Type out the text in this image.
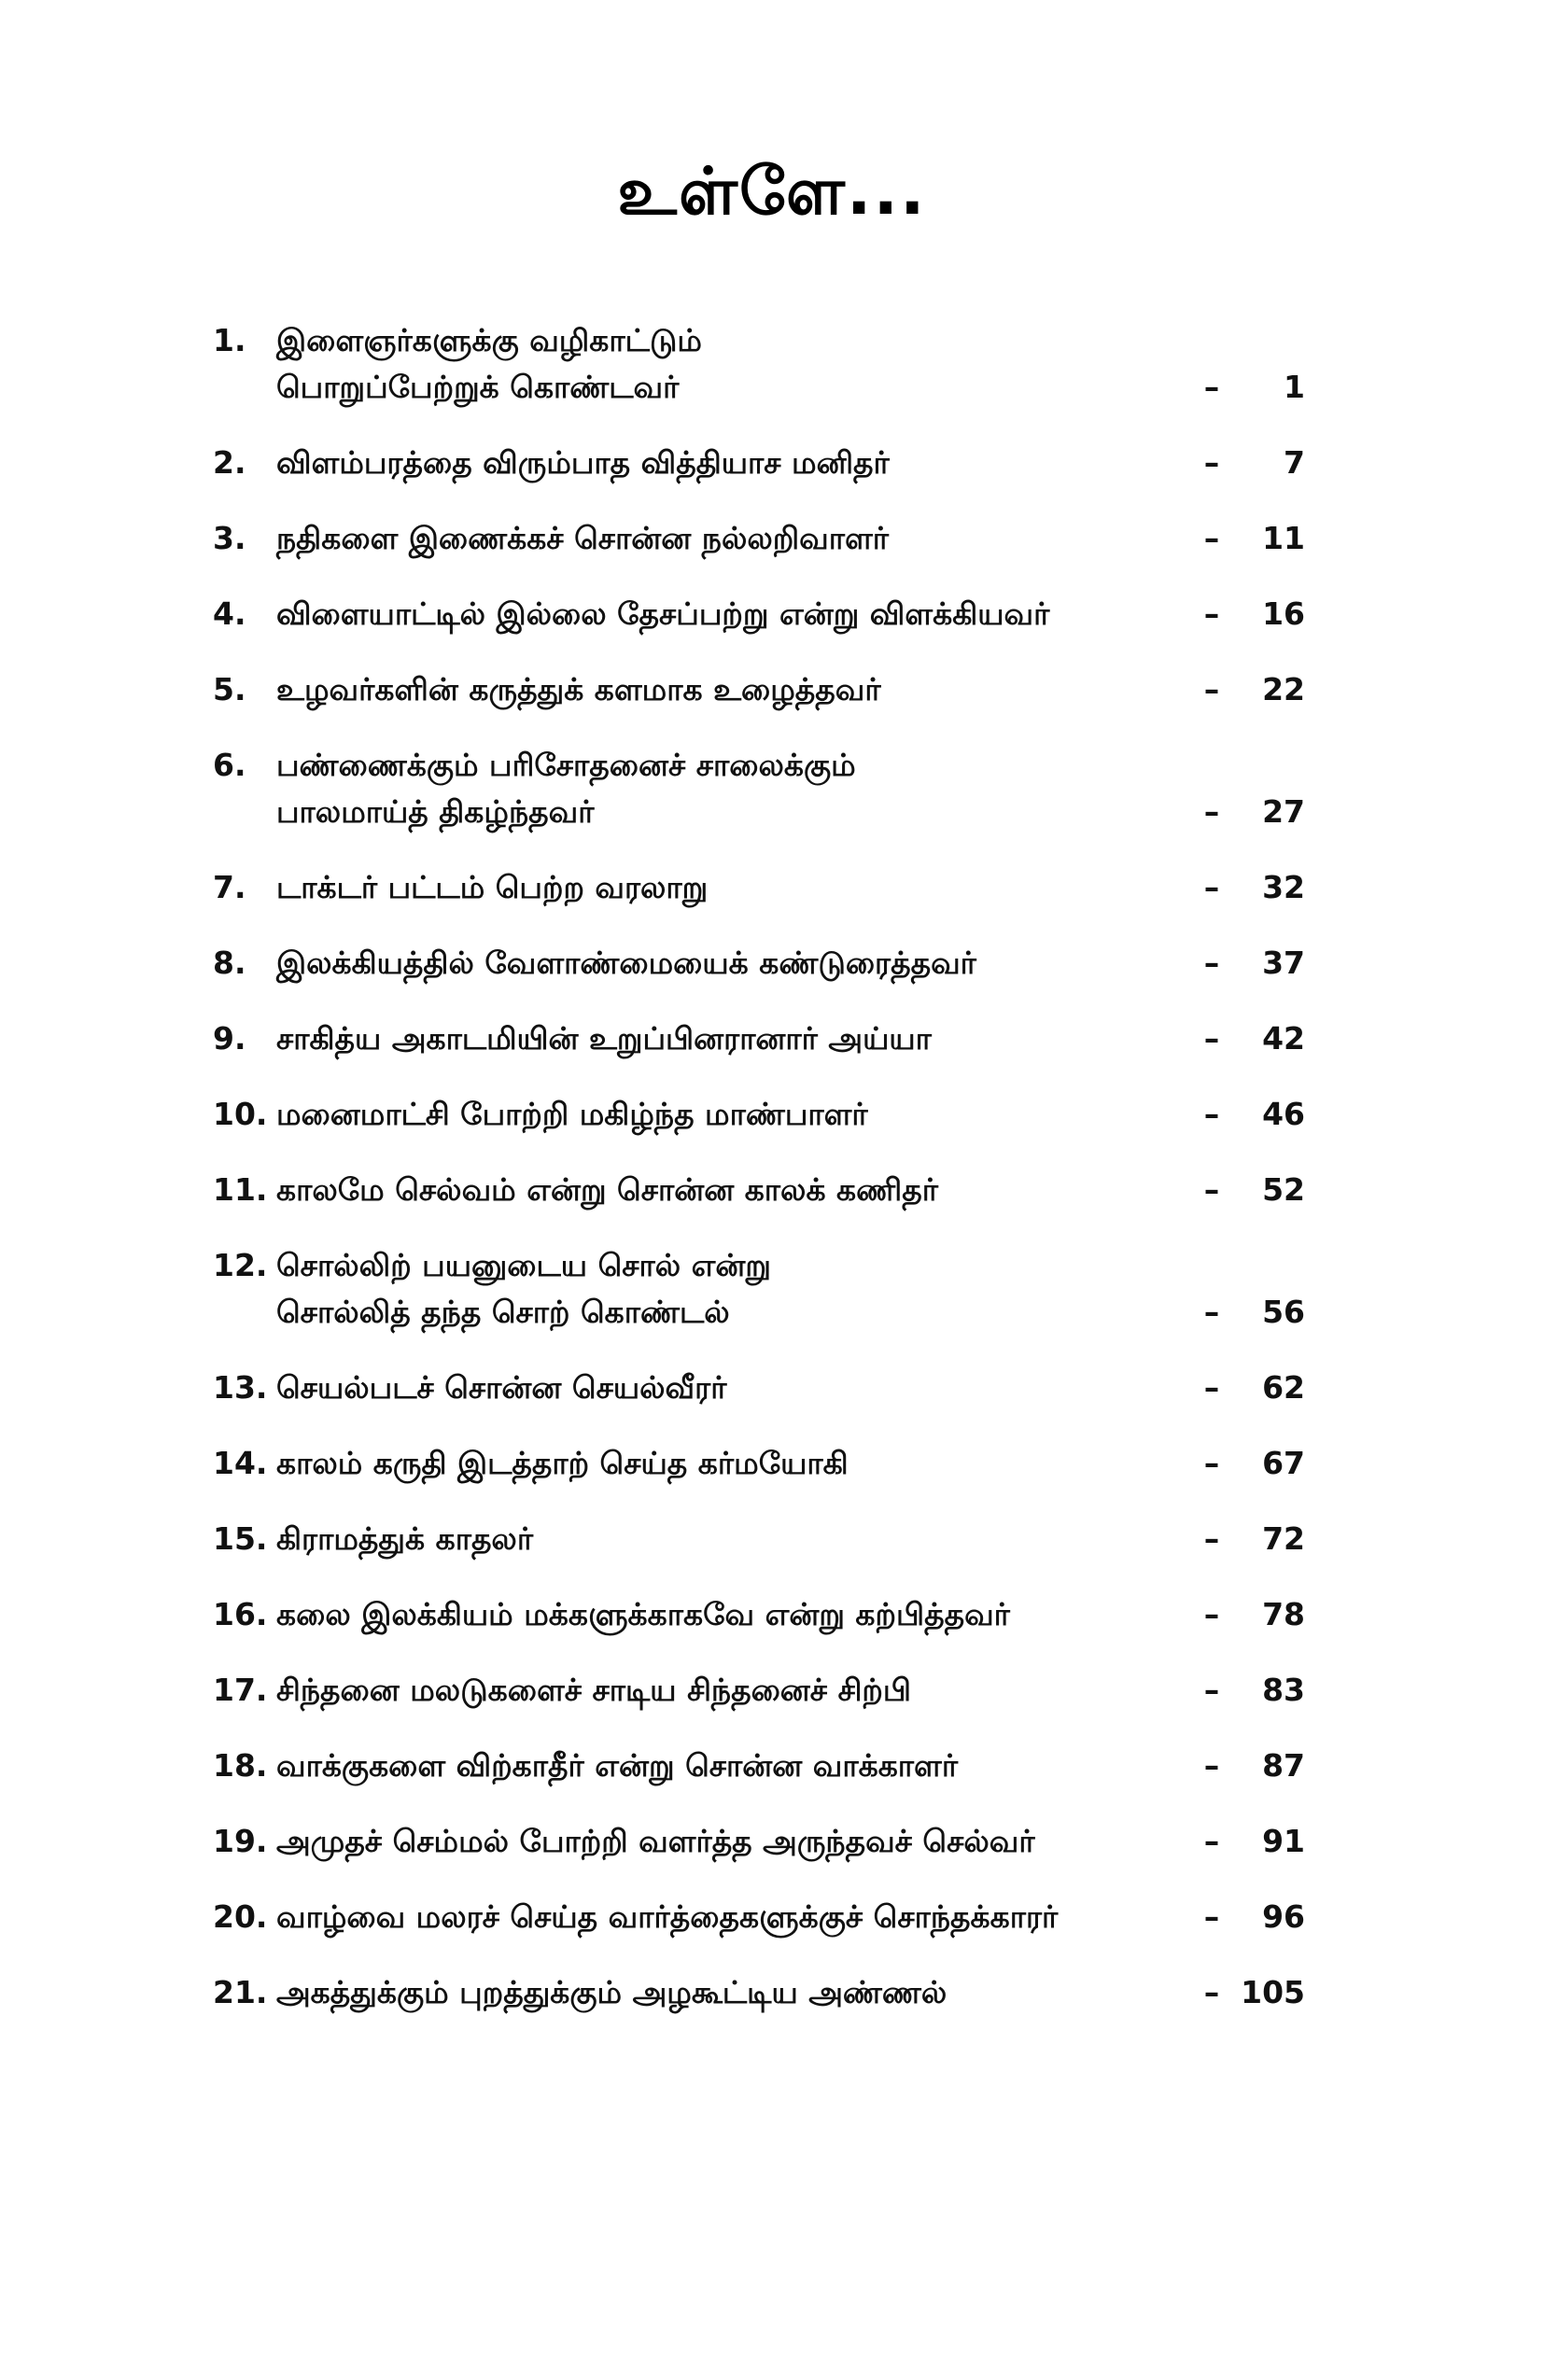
உள்ளே...
1. இளைஞர்களுக்கு வழிகாட்டும்
பொறுப்பேற்றுக் கொண்டவர்	–	1
2. விளம்பரத்தை விரும்பாத வித்தியாச மனிதர்	–	7
3. நதிகளை இணைக்கச் சொன்ன நல்லறிவாளர்	–	11
4. விளையாட்டில் இல்லை தேசப்பற்று என்று விளக்கியவர்	–	16
5. உழவர்களின் கருத்துக் களமாக உழைத்தவர்	–	22
6. பண்ணைக்கும் பரிசோதனைச் சாலைக்கும்
பாலமாய்த் திகழ்ந்தவர்	–	27
7. டாக்டர் பட்டம் பெற்ற வரலாறு	–	32
8. இலக்கியத்தில் வேளாண்மையைக் கண்டுரைத்தவர்	–	37
9. சாகித்ய அகாடமியின் உறுப்பினரானார் அய்யா	–	42
10. மனைமாட்சி போற்றி மகிழ்ந்த மாண்பாளர்	–	46
11. காலமே செல்வம் என்று சொன்ன காலக் கணிதர்	–	52
12. சொல்லிற் பயனுடைய சொல் என்று
சொல்லித் தந்த சொற் கொண்டல்	–	56
13. செயல்படச் சொன்ன செயல்வீரர்	–	62
14. காலம் கருதி இடத்தாற் செய்த கர்மயோகி	–	67
15. கிராமத்துக் காதலர்	–	72
16. கலை இலக்கியம் மக்களுக்காகவே என்று கற்பித்தவர்	–	78
17. சிந்தனை மலடுகளைச் சாடிய சிந்தனைச் சிற்பி	–	83
18. வாக்குகளை விற்காதீர் என்று சொன்ன வாக்காளர்	–	87
19. அமுதச் செம்மல் போற்றி வளர்த்த அருந்தவச் செல்வர்	–	91
20. வாழ்வை மலரச் செய்த வார்த்தைகளுக்குச் சொந்தக்காரர்	–	96
21. அகத்துக்கும் புறத்துக்கும் அழகூட்டிய அண்ணல்	– 105
